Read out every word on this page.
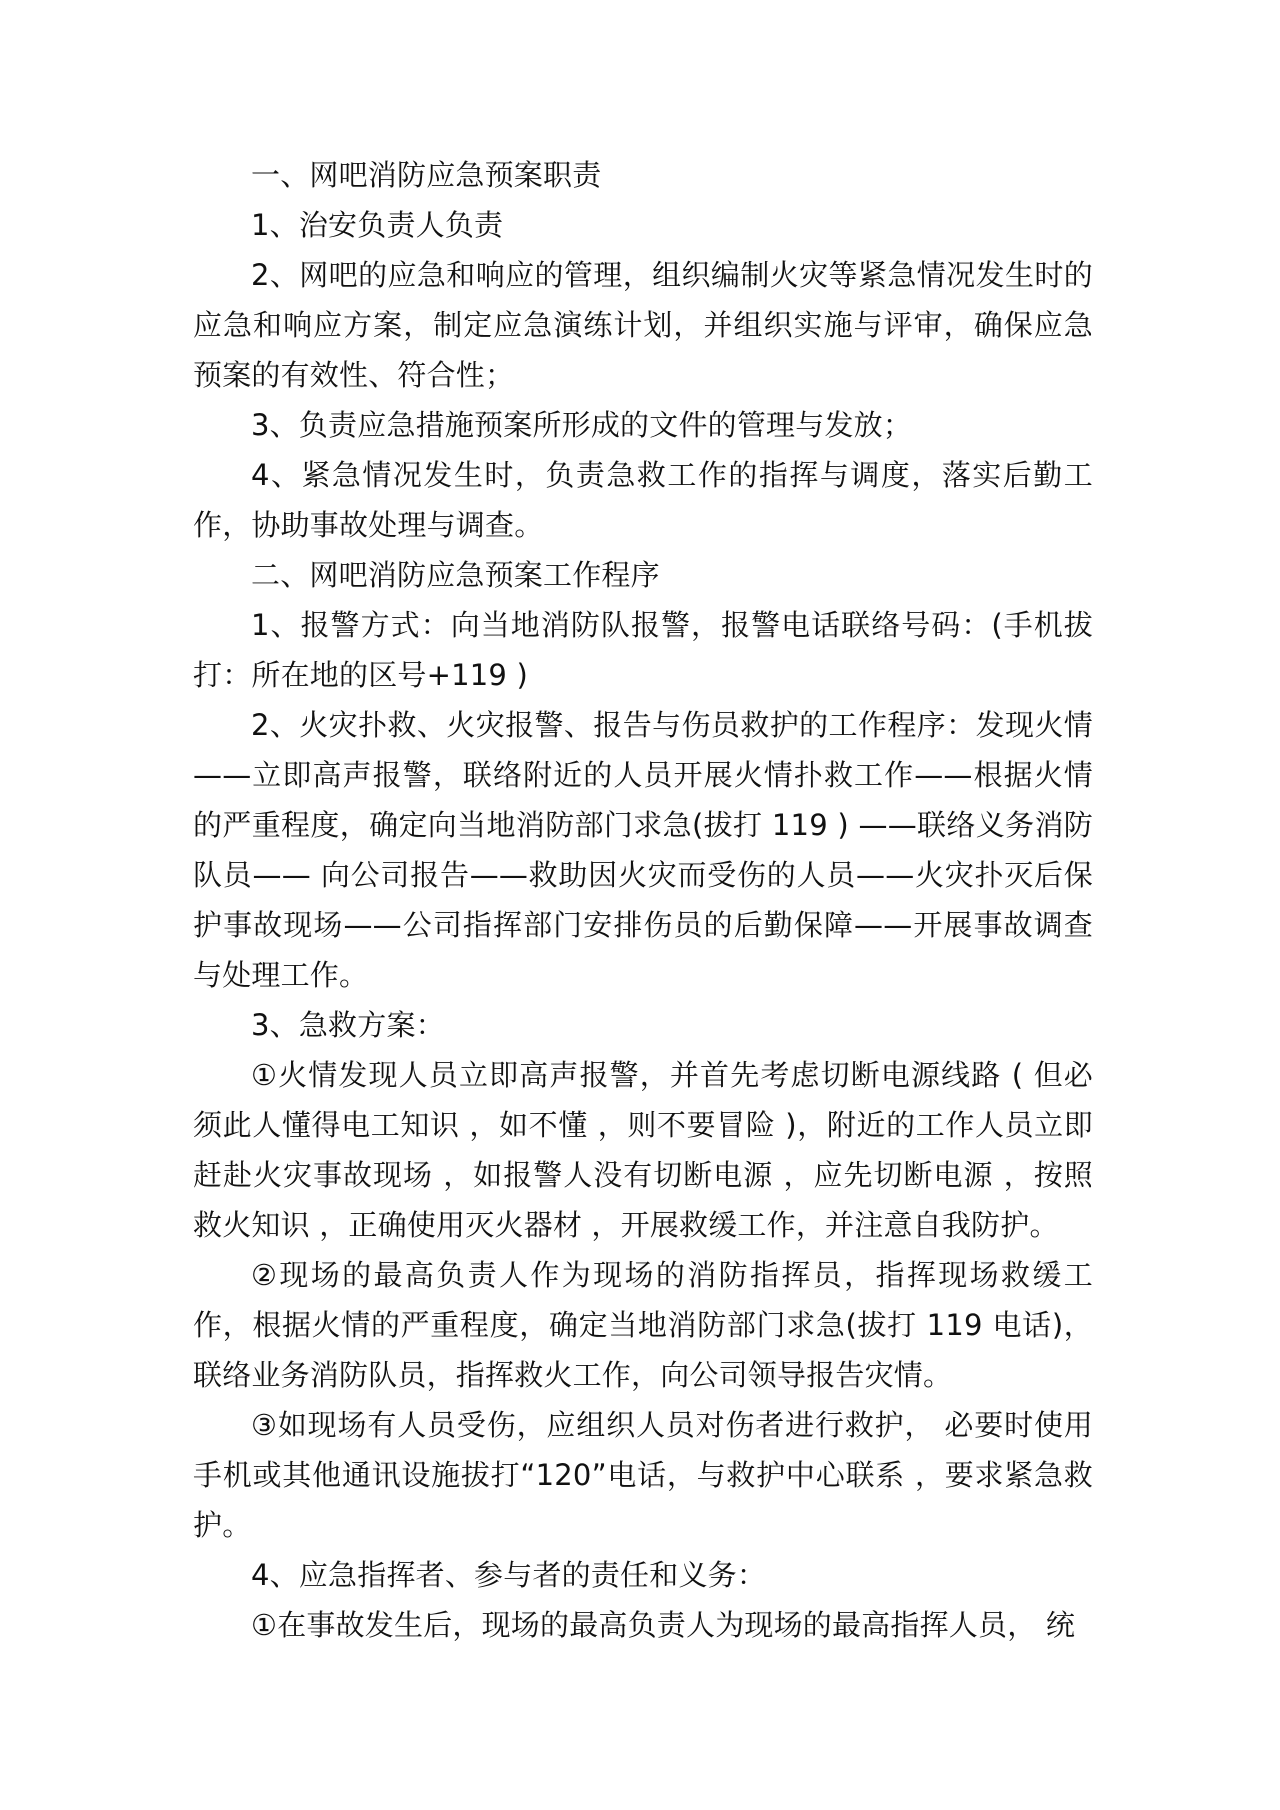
一、网吧消防应急预案职责

1、治安负责人负责

2、网吧的应急和响应的管理，组织编制火灾等紧急情况发生时的应急和响应方案，制定应急演练计划，并组织实施与评审，确保应急预案的有效性、符合性；

3、负责应急措施预案所形成的文件的管理与发放；

4、紧急情况发生时，负责急救工作的指挥与调度，落实后勤工作，协助事故处理与调查。

二、网吧消防应急预案工作程序

1、报警方式：向当地消防队报警，报警电话联络号码：(手机拔打：所在地的区号+119 )

2、火灾扑救、火灾报警、报告与伤员救护的工作程序：发现火情——立即高声报警，联络附近的人员开展火情扑救工作——根据火情的严重程度，确定向当地消防部门求急(拔打 119 ) ——联络义务消防队员—— 向公司报告——救助因火灾而受伤的人员——火灾扑灭后保护事故现场——公司指挥部门安排伤员的后勤保障——开展事故调查与处理工作。

3、急救方案：

①火情发现人员立即高声报警，并首先考虑切断电源线路 ( 但必须此人懂得电工知识 ，如不懂 ，则不要冒险 )，附近的工作人员立即赶赴火灾事故现场 ，如报警人没有切断电源 ，应先切断电源 ，按照救火知识 ，正确使用灭火器材 ，开展救缓工作，并注意自我防护。

②现场的最高负责人作为现场的消防指挥员，指挥现场救缓工作，根据火情的严重程度，确定当地消防部门求急(拔打 119 电话)，联络业务消防队员，指挥救火工作，向公司领导报告灾情。

③如现场有人员受伤，应组织人员对伤者进行救护， 必要时使用手机或其他通讯设施拔打“120”电话，与救护中心联系 ，要求紧急救护。

4、应急指挥者、参与者的责任和义务：

①在事故发生后，现场的最高负责人为现场的最高指挥人员， 统
